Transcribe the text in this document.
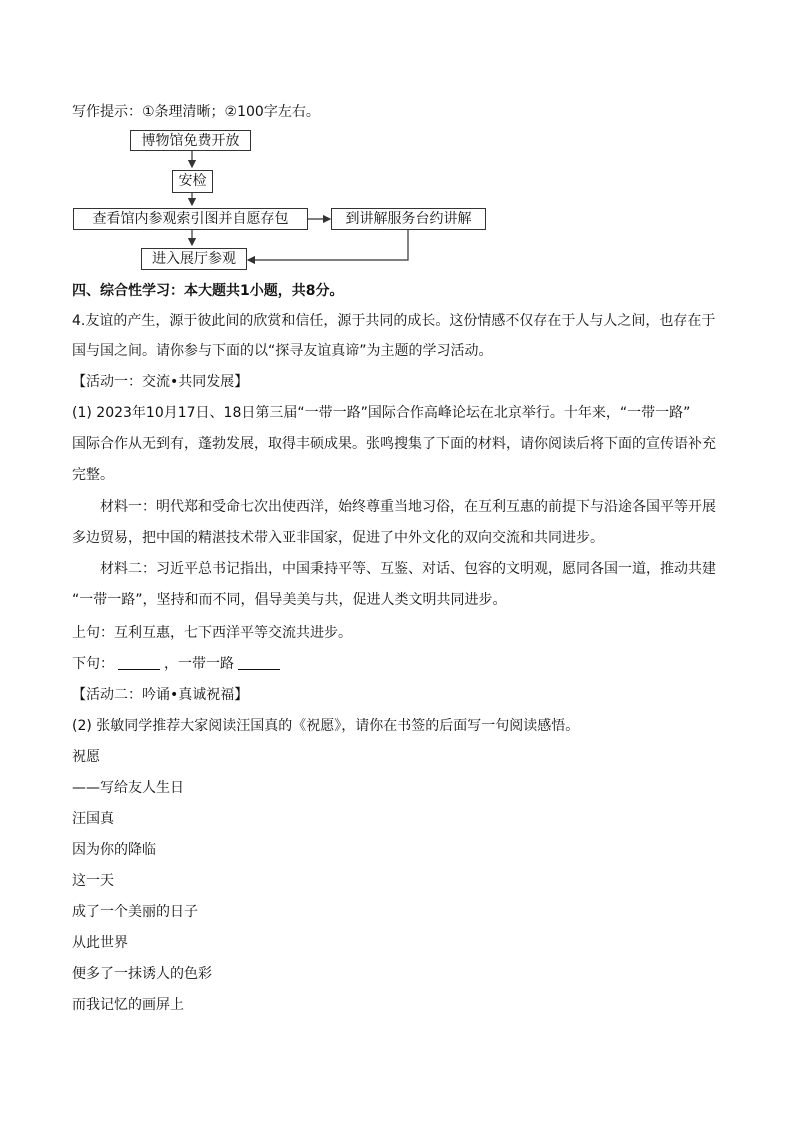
写作提示：①条理清晰；②100字左右。
博物馆免费开放
安检
查看馆内参观索引图并自愿存包	到讲解服务台约讲解
进入展厅参观
四、综合性学习：本大题共1小题，共8分。
4.友谊的产生，源于彼此间的欣赏和信任，源于共同的成长。这份情感不仅存在于人与人之间，也存在于
国与国之间。请你参与下面的以“探寻友谊真谛”为主题的学习活动。
【活动一：交流•共同发展】
(1) 2023年10月17日、18日第三届“一带一路”国际合作高峰论坛在北京举行。十年来，“一带一路”
国际合作从无到有，蓬勃发展，取得丰硕成果。张鸣搜集了下面的材料，请你阅读后将下面的宣传语补充
完整。
材料一：明代郑和受命七次出使西洋，始终尊重当地习俗，在互利互惠的前提下与沿途各国平等开展
多边贸易，把中国的精湛技术带入亚非国家，促进了中外文化的双向交流和共同进步。
材料二：习近平总书记指出，中国秉持平等、互鉴、对话、包容的文明观，愿同各国一道，推动共建
“一带一路”，坚持和而不同，倡导美美与共，促进人类文明共同进步。
上句：互利互惠，七下西洋平等交流共进步。
下句：	，一带一路
【活动二：吟诵•真诚祝福】
(2) 张敏同学推荐大家阅读汪国真的《祝愿》，请你在书签的后面写一句阅读感悟。
祝愿
——写给友人生日
汪国真
因为你的降临
这一天
成了一个美丽的日子
从此世界
便多了一抹诱人的色彩
而我记忆的画屏上
